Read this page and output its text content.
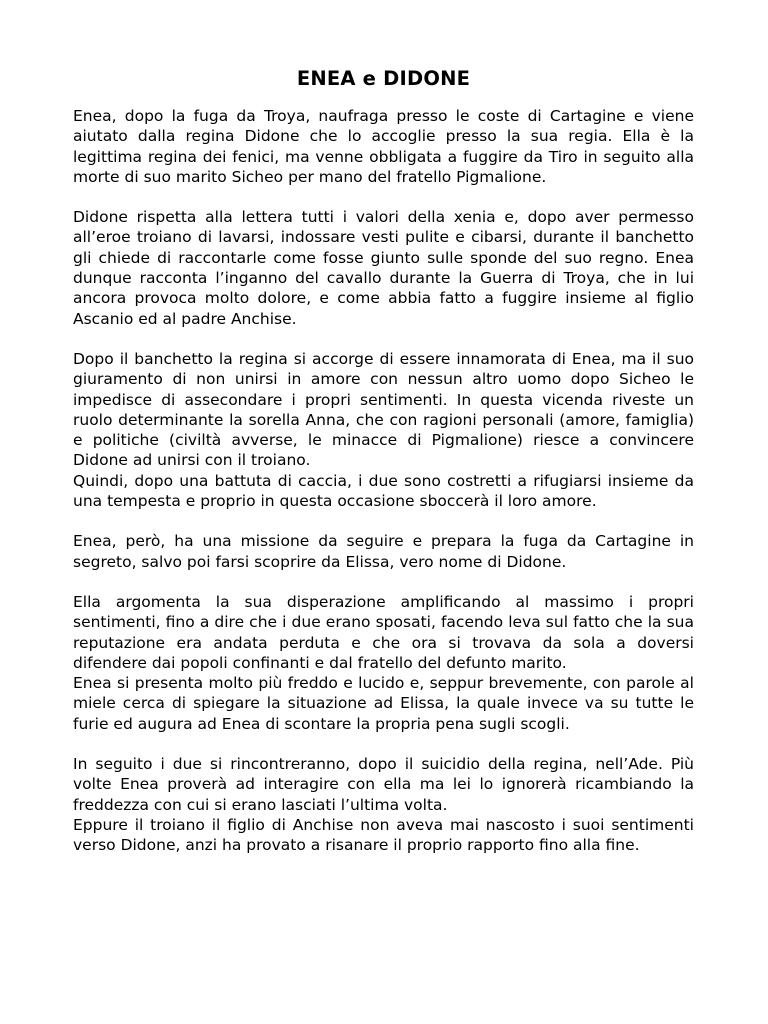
ENEA e DIDONE

Enea, dopo la fuga da Troya, naufraga presso le coste di Cartagine e viene aiutato dalla regina Didone che lo accoglie presso la sua regia. Ella è la legittima regina dei fenici, ma venne obbligata a fuggire da Tiro in seguito alla morte di suo marito Sicheo per mano del fratello Pigmalione.

Didone rispetta alla lettera tutti i valori della xenia e, dopo aver permesso all’eroe troiano di lavarsi, indossare vesti pulite e cibarsi, durante il banchetto gli chiede di raccontarle come fosse giunto sulle sponde del suo regno. Enea dunque racconta l’inganno del cavallo durante la Guerra di Troya, che in lui ancora provoca molto dolore, e come abbia fatto a fuggire insieme al figlio Ascanio ed al padre Anchise.

Dopo il banchetto la regina si accorge di essere innamorata di Enea, ma il suo giuramento di non unirsi in amore con nessun altro uomo dopo Sicheo le impedisce di assecondare i propri sentimenti. In questa vicenda riveste un ruolo determinante la sorella Anna, che con ragioni personali (amore, famiglia) e politiche (civiltà avverse, le minacce di Pigmalione) riesce a convincere Didone ad unirsi con il troiano.

Quindi, dopo una battuta di caccia, i due sono costretti a rifugiarsi insieme da una tempesta e proprio in questa occasione sboccerà il loro amore.

Enea, però, ha una missione da seguire e prepara la fuga da Cartagine in segreto, salvo poi farsi scoprire da Elissa, vero nome di Didone.

Ella argomenta la sua disperazione amplificando al massimo i propri sentimenti, fino a dire che i due erano sposati, facendo leva sul fatto che la sua reputazione era andata perduta e che ora si trovava da sola a doversi difendere dai popoli confinanti e dal fratello del defunto marito.

Enea si presenta molto più freddo e lucido e, seppur brevemente, con parole al miele cerca di spiegare la situazione ad Elissa, la quale invece va su tutte le furie ed augura ad Enea di scontare la propria pena sugli scogli.

In seguito i due si rincontreranno, dopo il suicidio della regina, nell’Ade. Più volte Enea proverà ad interagire con ella ma lei lo ignorerà ricambiando la freddezza con cui si erano lasciati l’ultima volta.

Eppure il troiano il figlio di Anchise non aveva mai nascosto i suoi sentimenti verso Didone, anzi ha provato a risanare il proprio rapporto fino alla fine.
